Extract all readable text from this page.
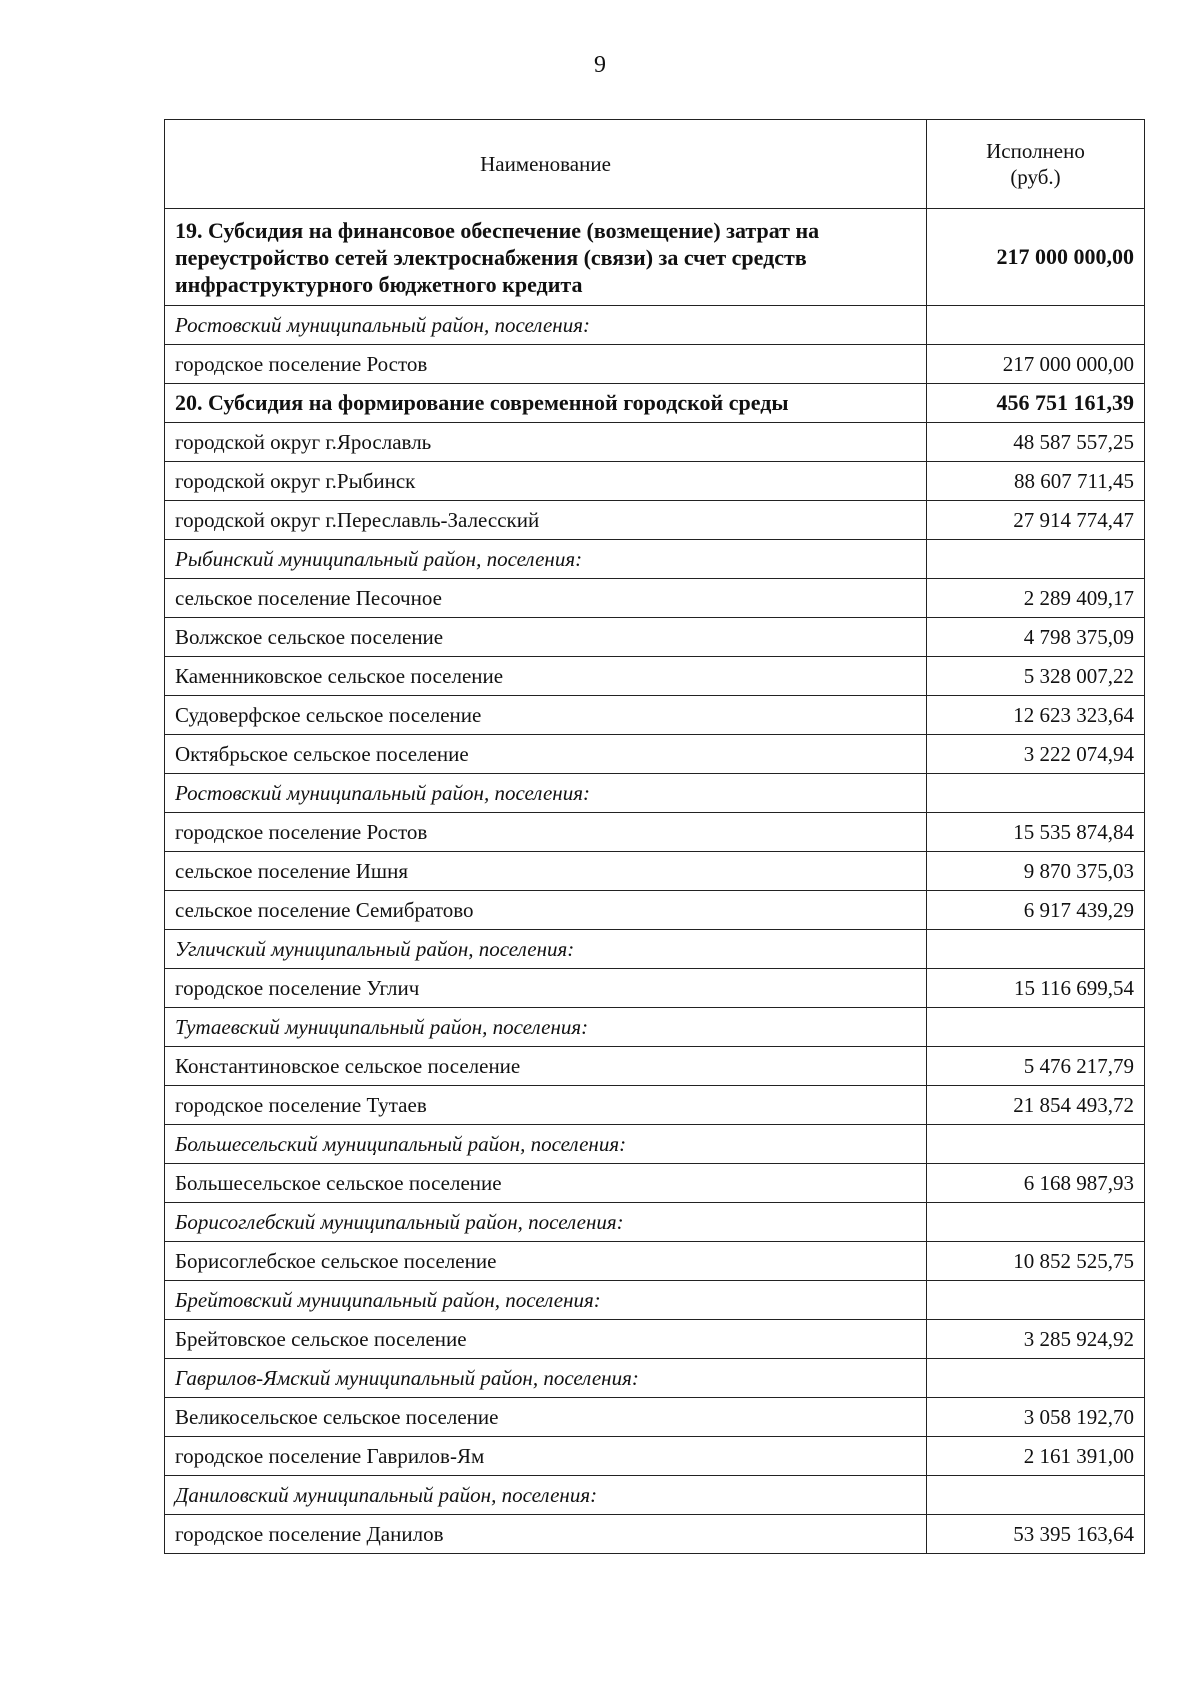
9
Наименование	Исполнено
(руб.)

19. Субсидия на финансовое обеспечение (возмещение) затрат на переустройство сетей электроснабжения (связи) за счет средств инфраструктурного бюджетного кредита	217 000 000,00
Ростовский муниципальный район, поселения:	
городское поселение Ростов	217 000 000,00
20. Субсидия на формирование современной городской среды	456 751 161,39
городской округ г.Ярославль	48 587 557,25
городской округ г.Рыбинск	88 607 711,45
городской округ г.Переславль-Залесский	27 914 774,47
Рыбинский муниципальный район, поселения:	
сельское поселение Песочное	2 289 409,17
Волжское сельское поселение	4 798 375,09
Каменниковское сельское поселение	5 328 007,22
Судоверфское сельское поселение	12 623 323,64
Октябрьское сельское поселение	3 222 074,94
Ростовский муниципальный район, поселения:	
городское поселение Ростов	15 535 874,84
сельское поселение Ишня	9 870 375,03
сельское поселение Семибратово	6 917 439,29
Угличский муниципальный район, поселения:	
городское поселение Углич	15 116 699,54
Тутаевский муниципальный район, поселения:	
Константиновское сельское поселение	5 476 217,79
городское поселение Тутаев	21 854 493,72
Большесельский муниципальный район, поселения:	
Большесельское сельское поселение	6 168 987,93
Борисоглебский муниципальный район, поселения:	
Борисоглебское сельское поселение	10 852 525,75
Брейтовский муниципальный район, поселения:	
Брейтовское сельское поселение	3 285 924,92
Гаврилов-Ямский муниципальный район, поселения:	
Великосельское сельское поселение	3 058 192,70
городское поселение Гаврилов-Ям	2 161 391,00
Даниловский муниципальный район, поселения:	
городское поселение Данилов	53 395 163,64
